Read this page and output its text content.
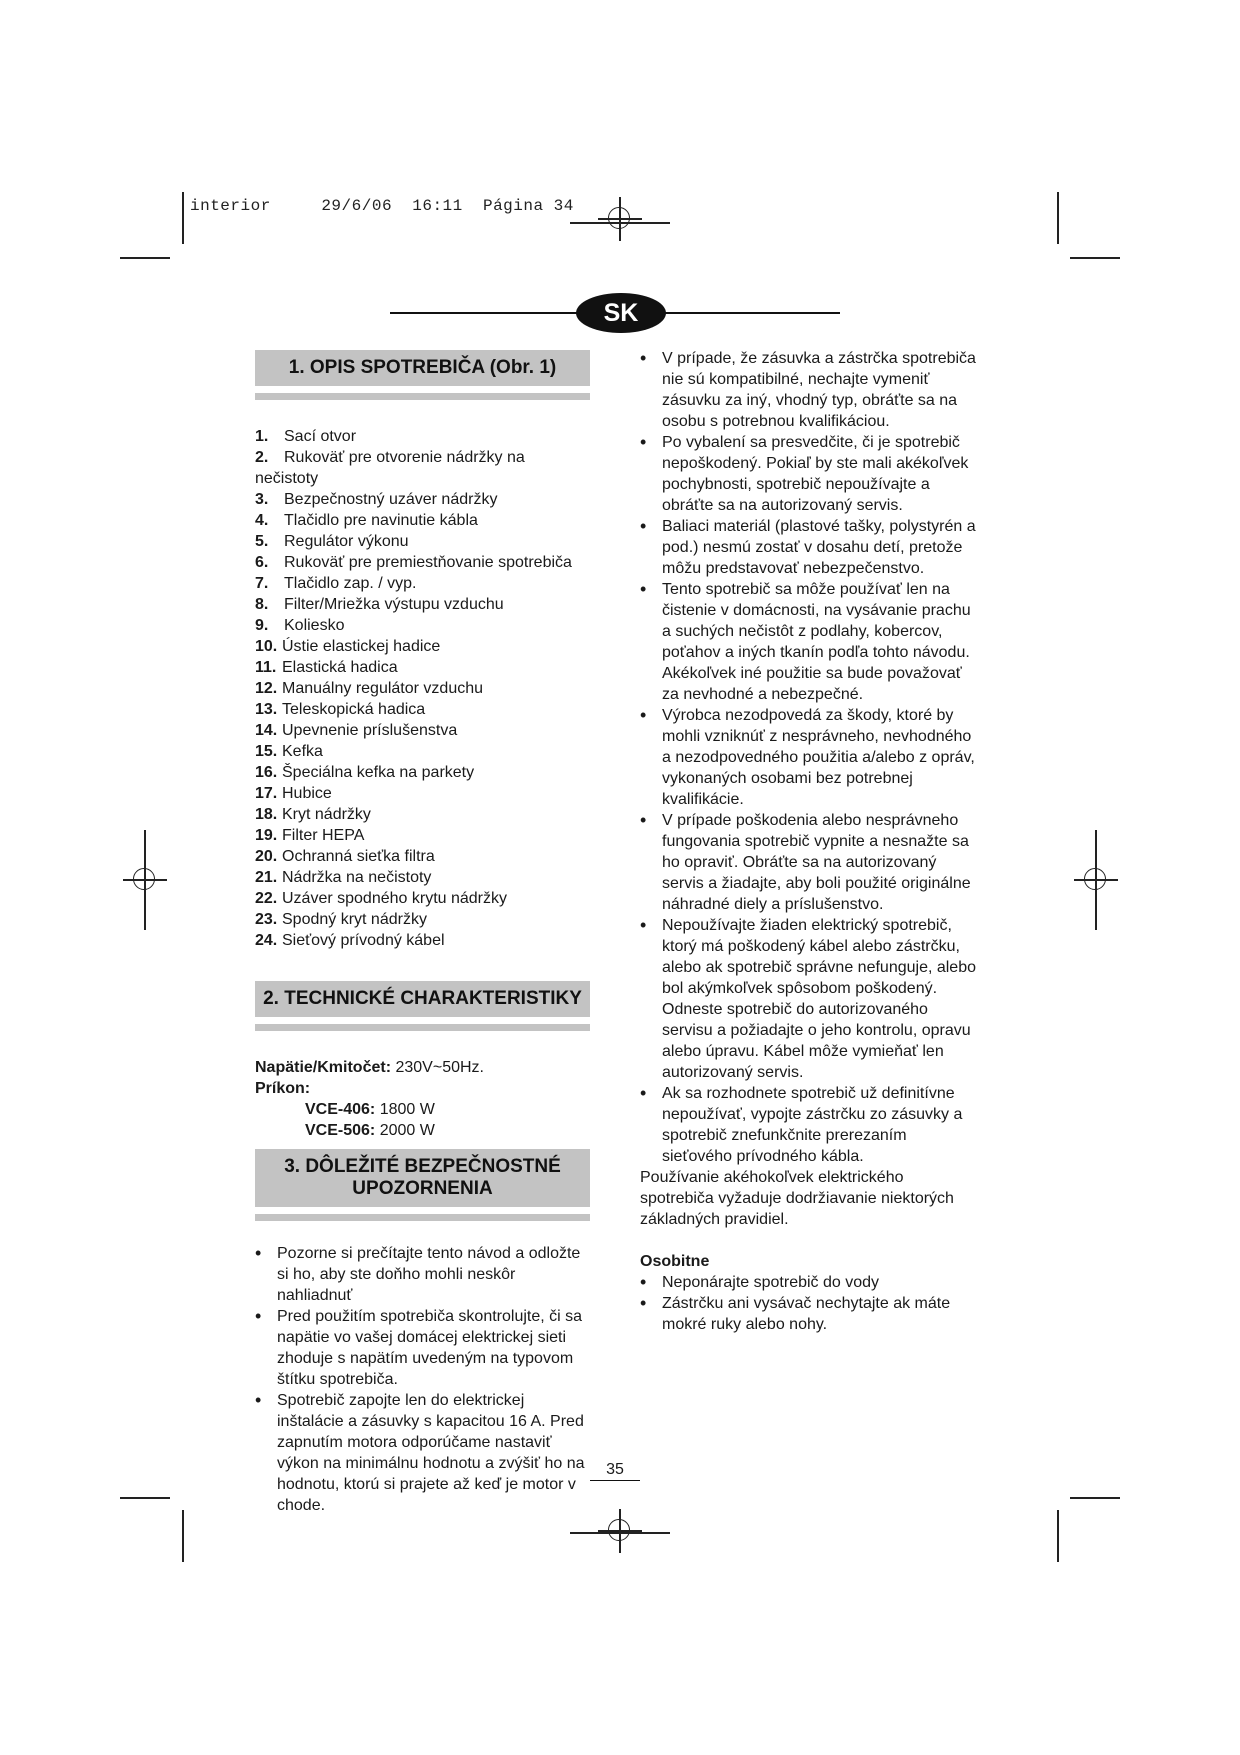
interior	29/6/06 16:11 Página 34
SK
1. OPIS SPOTREBIČA (Obr. 1)
1. Sací otvor
2. Rukoväť pre otvorenie nádržky na nečistoty
3. Bezpečnostný uzáver nádržky
4. Tlačidlo pre navinutie kábla
5. Regulátor výkonu
6. Rukoväť pre premiestňovanie spotrebiča
7. Tlačidlo zap. / vyp.
8. Filter/Mriežka výstupu vzduchu
9. Koliesko
10. Ústie elastickej hadice
11. Elastická hadica
12. Manuálny regulátor vzduchu
13. Teleskopická hadica
14. Upevnenie príslušenstva
15. Kefka
16. Špeciálna kefka na parkety
17. Hubice
18. Kryt nádržky
19. Filter HEPA
20. Ochranná sieťka filtra
21. Nádržka na nečistoty
22. Uzáver spodného krytu nádržky
23. Spodný kryt nádržky
24. Sieťový prívodný kábel
2. TECHNICKÉ CHARAKTERISTIKY

Napätie/Kmitočet: 230V~50Hz.

Príkon:

VCE-406: 1800 W

VCE-506: 2000 W

3. DÔLEŽITÉ BEZPEČNOSTNÉ
UPOZORNENIA
• Pozorne si prečítajte tento návod a odložte si ho, aby ste doňho mohli neskôr nahliadnuť
• Pred použitím spotrebiča skontrolujte, či sa napätie vo vašej domácej elektrickej sieti zhoduje s napätím uvedeným na typovom štítku spotrebiča.
• Spotrebič zapojte len do elektrickej inštalácie a zásuvky s kapacitou 16 A. Pred zapnutím motora odporúčame nastaviť výkon na minimálnu hodnotu a zvýšiť ho na hodnotu, ktorú si prajete až keď je motor v chode.
• V prípade, že zásuvka a zástrčka spotrebiča nie sú kompatibilné, nechajte vymeniť zásuvku za iný, vhodný typ, obráťte sa na osobu s potrebnou kvalifikáciou.
• Po vybalení sa presvedčite, či je spotrebič nepoškodený. Pokiaľ by ste mali akékoľvek pochybnosti, spotrebič nepoužívajte a obráťte sa na autorizovaný servis.
• Baliaci materiál (plastové tašky, polystyrén a pod.) nesmú zostať v dosahu detí, pretože môžu predstavovať nebezpečenstvo.
• Tento spotrebič sa môže používať len na čistenie v domácnosti, na vysávanie prachu a suchých nečistôt z podlahy, kobercov, poťahov a iných tkanín podľa tohto návodu. Akékoľvek iné použitie sa bude považovať za nevhodné a nebezpečné.
• Výrobca nezodpovedá za škody, ktoré by mohli vzniknúť z nesprávneho, nevhodného a nezodpovedného použitia a/alebo z opráv, vykonaných osobami bez potrebnej kvalifikácie.
• V prípade poškodenia alebo nesprávneho fungovania spotrebič vypnite a nesnažte sa ho opraviť. Obráťte sa na autorizovaný servis a žiadajte, aby boli použité originálne náhradné diely a príslušenstvo.
• Nepoužívajte žiaden elektrický spotrebič, ktorý má poškodený kábel alebo zástrčku, alebo ak spotrebič správne nefunguje, alebo bol akýmkoľvek spôsobom poškodený. Odneste spotrebič do autorizovaného servisu a požiadajte o jeho kontrolu, opravu alebo úpravu. Kábel môže vymieňať len autorizovaný servis.
• Ak sa rozhodnete spotrebič už definitívne nepoužívať, vypojte zástrčku zo zásuvky a spotrebič znefunkčnite prerezaním sieťového prívodného kábla.

Používanie akéhokoľvek elektrického spotrebiča vyžaduje dodržiavanie niektorých základných pravidiel.

Osobitne

• Neponárajte spotrebič do vody
• Zástrčku ani vysávač nechytajte ak máte mokré ruky alebo nohy.
35
